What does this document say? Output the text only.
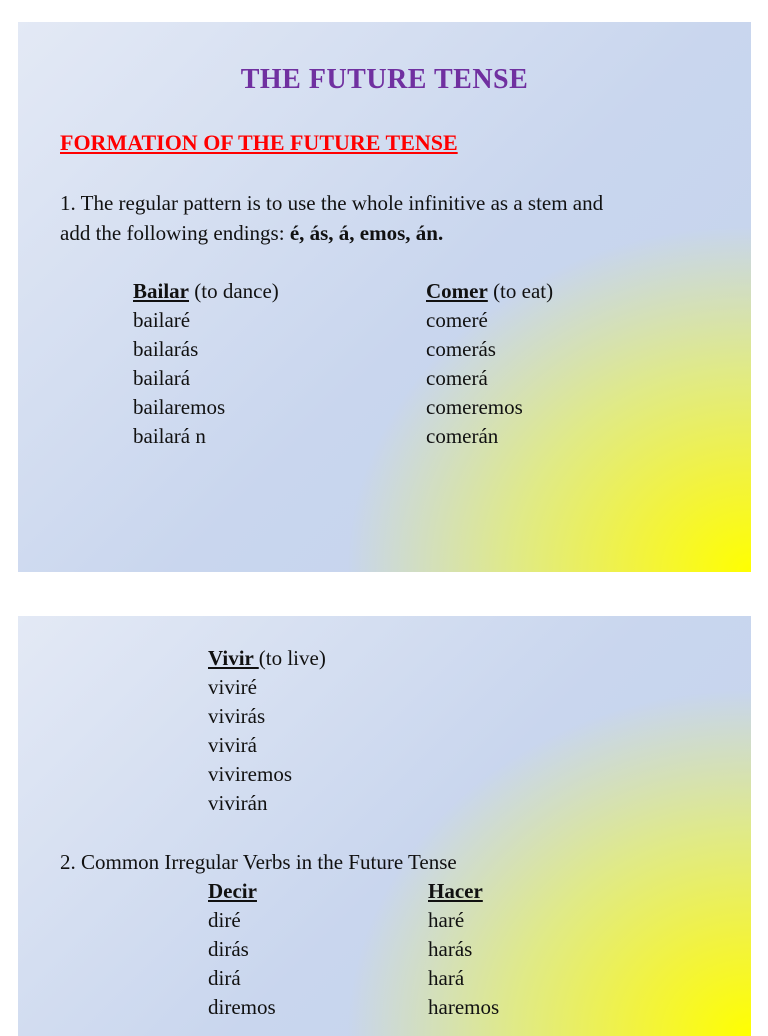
THE FUTURE TENSE
FORMATION OF THE FUTURE TENSE
1. The regular pattern is to use the whole infinitive as a stem and
add the following endings: é, ás, á, emos, án.
Bailar (to dance)
bailaré
bailarás
bailará
bailaremos
bailará n
Comer (to eat)
comeré
comerás
comerá
comeremos
comerán
Vivir (to live)
viviré
vivirás
vivirá
viviremos
vivirán
2. Common Irregular Verbs in the Future Tense
Decir
diré
dirás
dirá
diremos
Hacer
haré
harás
hará
haremos
